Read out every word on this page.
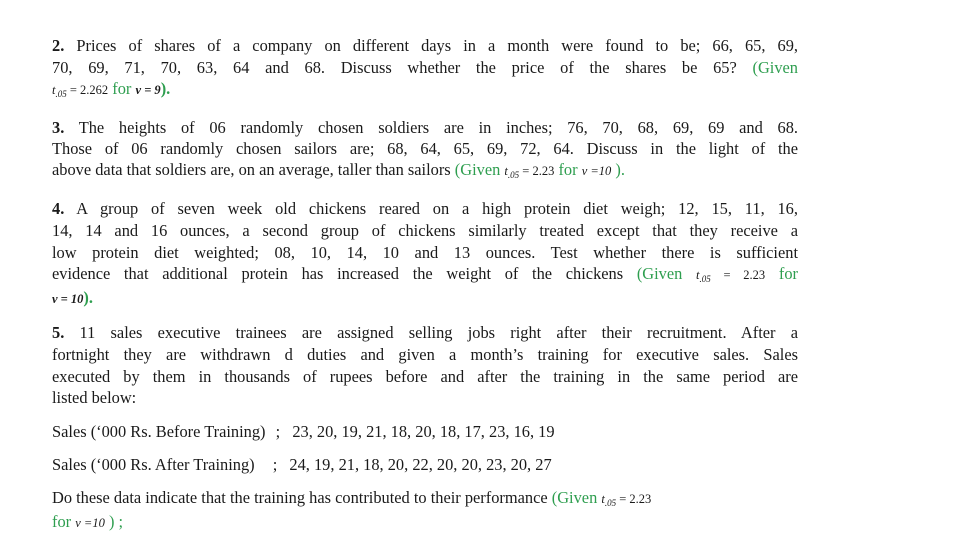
2. Prices of shares of a company on different days in a month were found to be; 66, 65, 69,
70, 69, 71, 70, 63, 64 and 68. Discuss whether the price of the shares be 65? (Given
$t_{.05} = 2.262$ for ν = 9).
3. The heights of 06 randomly chosen soldiers are in inches; 76, 70, 68, 69, 69 and 68.
Those of 06 randomly chosen sailors are; 68, 64, 65, 69, 72, 64. Discuss in the light of the
above data that soldiers are, on an average, taller than sailors (Given $t_{.05} = 2.23$ for ν =10 ).
4. A group of seven week old chickens reared on a high protein diet weigh; 12, 15, 11, 16,
14, 14 and 16 ounces, a second group of chickens similarly treated except that they receive a
low protein diet weighted; 08, 10, 14, 10 and 13 ounces. Test whether there is sufficient
evidence that additional protein has increased the weight of the chickens (Given $t_{.05} = 2.23$ for
ν = 10).
5. 11 sales executive trainees are assigned selling jobs right after their recruitment. After a
fortnight they are withdrawn d duties and given a month’s training for executive sales. Sales
executed by them in thousands of rupees before and after the training in the same period are
listed below:
Sales (‘000 Rs. Before Training) ; 23, 20, 19, 21, 18, 20, 18, 17, 23, 16, 19
Sales (‘000 Rs. After Training) ; 24, 19, 21, 18, 20, 22, 20, 20, 23, 20, 27
Do these data indicate that the training has contributed to their performance (Given $t_{.05} = 2.23$
for ν =10 ) ;
